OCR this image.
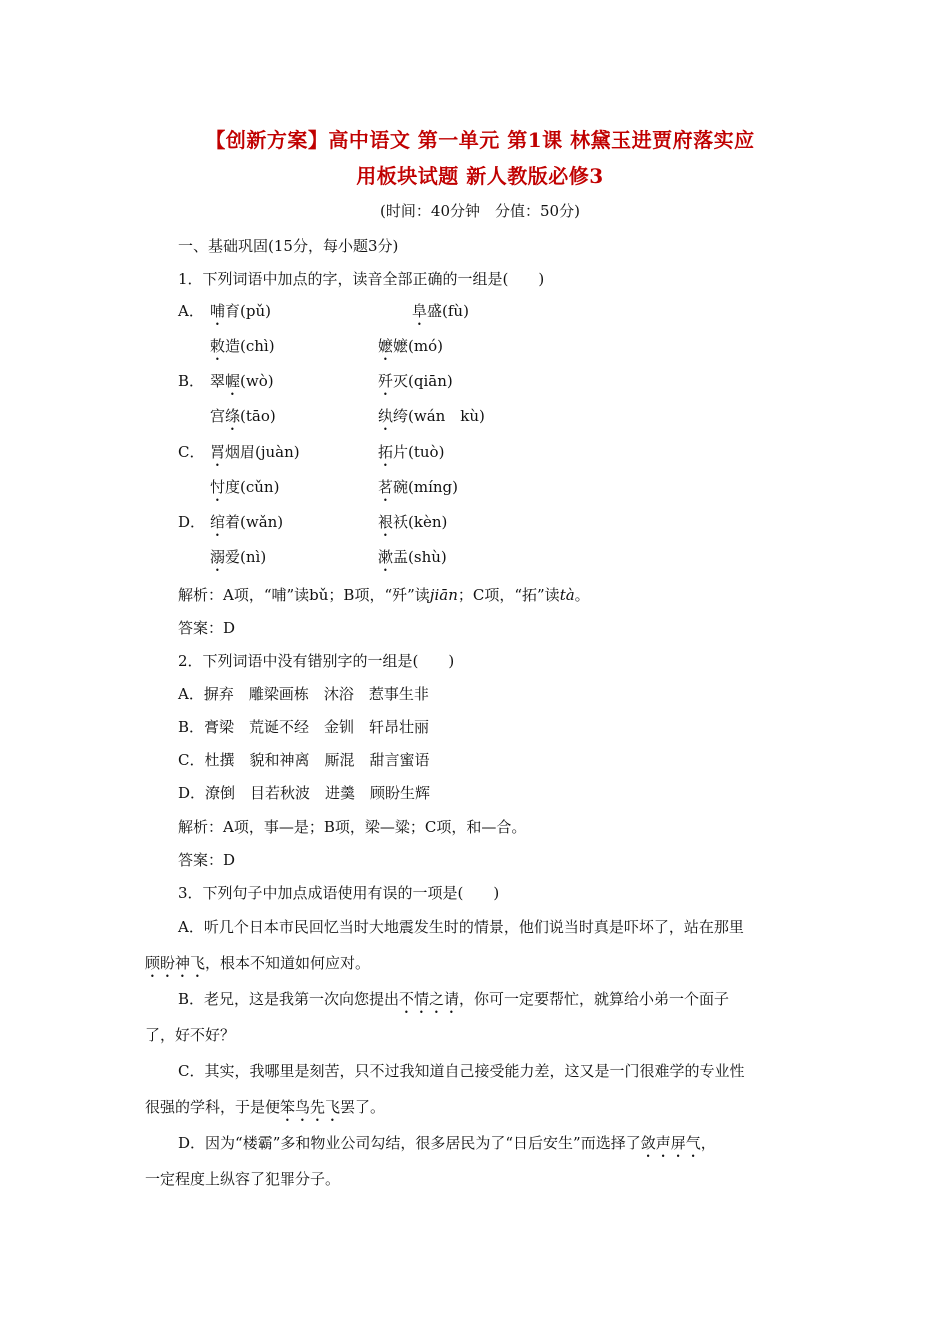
【创新方案】高中语文 第一单元 第1课 林黛玉进贾府落实应
用板块试题 新人教版必修3
(时间：40分钟　分值：50分)
一、基础巩固(15分，每小题3分)
1．下列词语中加点的字，读音全部正确的一组是(　　)
A． 哺育(pǔ)	阜盛(fù)
敕造(chì)	嬷嬷(mó)
B． 翠幄(wò)	歼灭(qiān)
宫绦(tāo)	纨绔(wán　kù)
C． 罥烟眉(juàn)	拓片(tuò)
忖度(cǔn)	茗碗(míng)
D． 绾着(wǎn)	裉袄(kèn)
溺爱(nì)	漱盂(shù)
解析：A项，“哺”读bǔ；B项，“歼”读jiān；C项，“拓”读tà。
答案：D
2．下列词语中没有错别字的一组是(　　)
A．摒弃　雕梁画栋　沐浴　惹事生非
B．膏梁　荒诞不经　金钏　轩昂壮丽
C．杜撰　貌和神离　厮混　甜言蜜语
D．潦倒　目若秋波　进羹　顾盼生辉
解析：A项，事—是；B项，梁—粱；C项，和—合。
答案：D
3．下列句子中加点成语使用有误的一项是(　　)
A．听几个日本市民回忆当时大地震发生时的情景，他们说当时真是吓坏了，站在那里
顾盼神飞，根本不知道如何应对。
B．老兄，这是我第一次向您提出不情之请，你可一定要帮忙，就算给小弟一个面子
了，好不好？
C．其实，我哪里是刻苦，只不过我知道自己接受能力差，这又是一门很难学的专业性
很强的学科，于是便笨鸟先飞罢了。
D．因为“楼霸”多和物业公司勾结，很多居民为了“日后安生”而选择了敛声屏气，
一定程度上纵容了犯罪分子。
